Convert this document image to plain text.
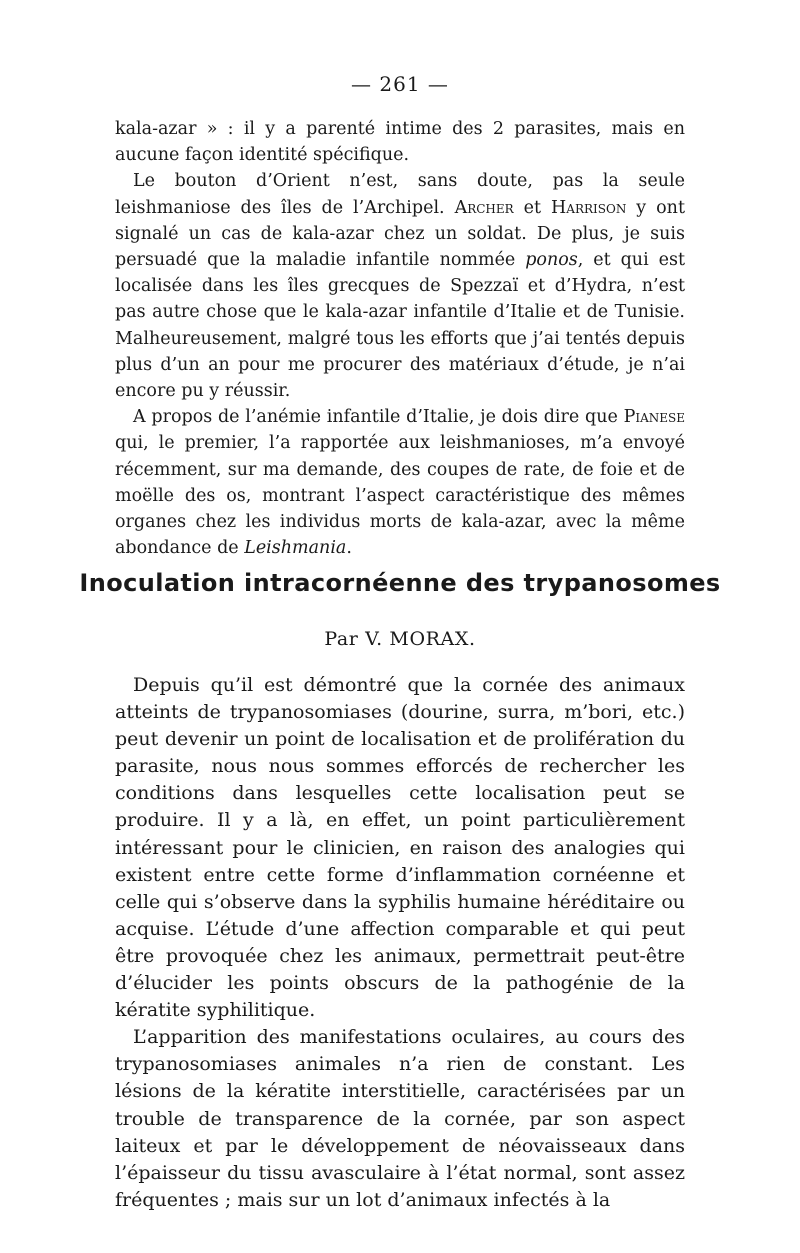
— 261 —

kala-azar » : il y a parenté intime des 2 parasites, mais en aucune façon identité spécifique.

Le bouton d’Orient n’est, sans doute, pas la seule leishmaniose des îles de l’Archipel. Archer et Harrison y ont signalé un cas de kala-azar chez un soldat. De plus, je suis persuadé que la maladie infantile nommée ponos, et qui est localisée dans les îles grecques de Spezzaï et d’Hydra, n’est pas autre chose que le kala-azar infantile d’Italie et de Tunisie. Malheureusement, malgré tous les efforts que j’ai tentés depuis plus d’un an pour me procurer des matériaux d’étude, je n’ai encore pu y réussir.

A propos de l’anémie infantile d’Italie, je dois dire que Pianese qui, le premier, l’a rapportée aux leishmanioses, m’a envoyé récemment, sur ma demande, des coupes de rate, de foie et de moëlle des os, montrant l’aspect caractéristique des mêmes organes chez les individus morts de kala-azar, avec la même abondance de Leishmania.

Inoculation intracornéenne des trypanosomes

Par V. MORAX.

Depuis qu’il est démontré que la cornée des animaux atteints de trypanosomiases (dourine, surra, m’bori, etc.) peut devenir un point de localisation et de prolifération du parasite, nous nous sommes efforcés de rechercher les conditions dans lesquelles cette localisation peut se produire. Il y a là, en effet, un point particulièrement intéressant pour le clinicien, en raison des analogies qui existent entre cette forme d’inflammation cornéenne et celle qui s’observe dans la syphilis humaine héréditaire ou acquise. L’étude d’une affection comparable et qui peut être provoquée chez les animaux, permettrait peut-être d’élucider les points obscurs de la pathogénie de la kératite syphilitique.

L’apparition des manifestations oculaires, au cours des trypanosomiases animales n’a rien de constant. Les lésions de la kératite interstitielle, caractérisées par un trouble de transparence de la cornée, par son aspect laiteux et par le développement de néovaisseaux dans l’épaisseur du tissu avasculaire à l’état normal, sont assez fréquentes ; mais sur un lot d’animaux infectés à la
